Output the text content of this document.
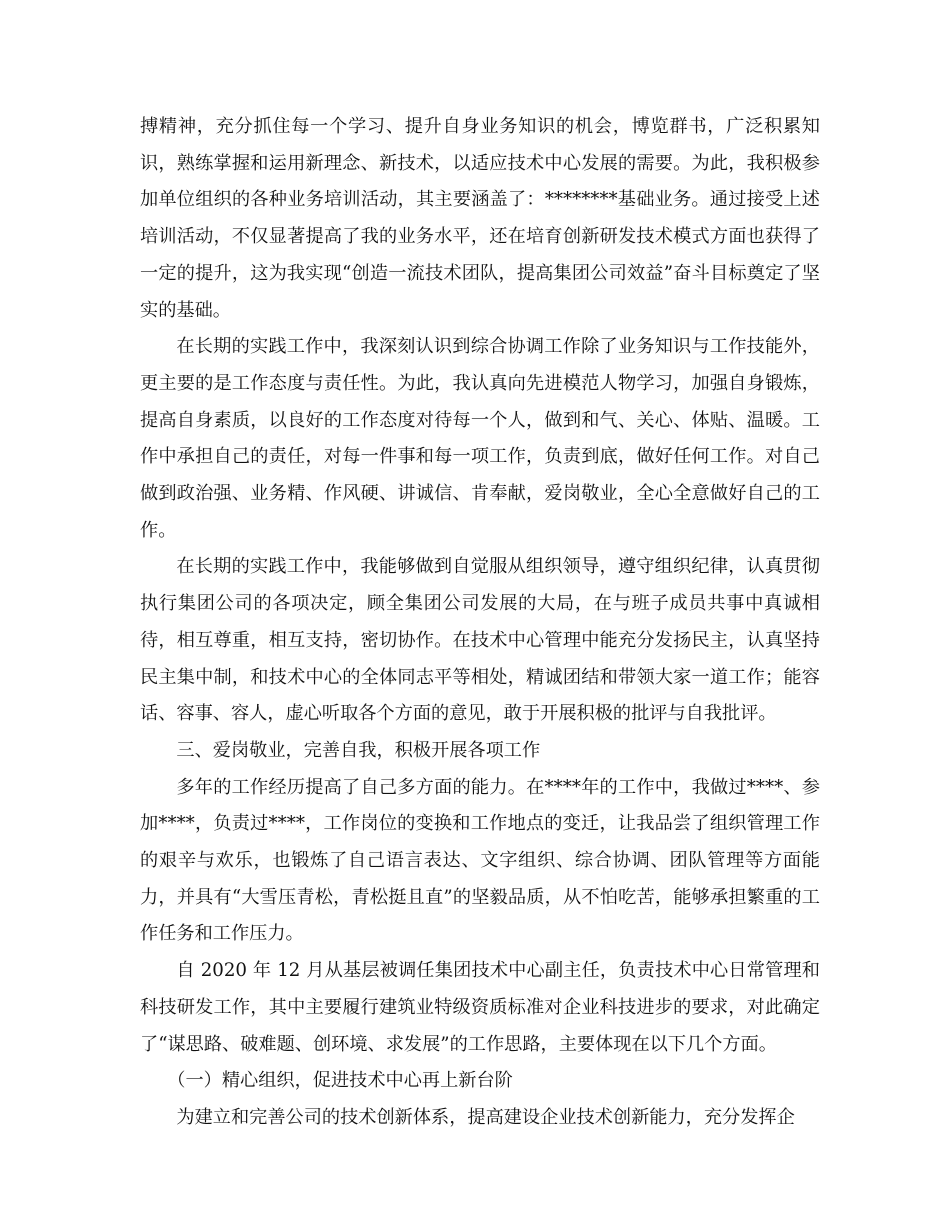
搏精神，充分抓住每一个学习、提升自身业务知识的机会，博览群书，广泛积累知识，熟练掌握和运用新理念、新技术，以适应技术中心发展的需要。为此，我积极参加单位组织的各种业务培训活动，其主要涵盖了：********基础业务。通过接受上述培训活动，不仅显著提高了我的业务水平，还在培育创新研发技术模式方面也获得了一定的提升，这为我实现“创造一流技术团队，提高集团公司效益”奋斗目标奠定了坚实的基础。

在长期的实践工作中，我深刻认识到综合协调工作除了业务知识与工作技能外，更主要的是工作态度与责任性。为此，我认真向先进模范人物学习，加强自身锻炼，提高自身素质，以良好的工作态度对待每一个人，做到和气、关心、体贴、温暖。工作中承担自己的责任，对每一件事和每一项工作，负责到底，做好任何工作。对自己做到政治强、业务精、作风硬、讲诚信、肯奉献，爱岗敬业，全心全意做好自己的工作。

在长期的实践工作中，我能够做到自觉服从组织领导，遵守组织纪律，认真贯彻执行集团公司的各项决定，顾全集团公司发展的大局，在与班子成员共事中真诚相待，相互尊重，相互支持，密切协作。在技术中心管理中能充分发扬民主，认真坚持民主集中制，和技术中心的全体同志平等相处，精诚团结和带领大家一道工作；能容话、容事、容人，虚心听取各个方面的意见，敢于开展积极的批评与自我批评。

三、爱岗敬业，完善自我，积极开展各项工作

多年的工作经历提高了自己多方面的能力。在****年的工作中，我做过****、参加****，负责过****，工作岗位的变换和工作地点的变迁，让我品尝了组织管理工作的艰辛与欢乐，也锻炼了自己语言表达、文字组织、综合协调、团队管理等方面能力，并具有“大雪压青松，青松挺且直”的坚毅品质，从不怕吃苦，能够承担繁重的工作任务和工作压力。

自 2020 年 12 月从基层被调任集团技术中心副主任，负责技术中心日常管理和科技研发工作，其中主要履行建筑业特级资质标准对企业科技进步的要求，对此确定了“谋思路、破难题、创环境、求发展”的工作思路，主要体现在以下几个方面。

（一）精心组织，促进技术中心再上新台阶

为建立和完善公司的技术创新体系，提高建设企业技术创新能力，充分发挥企
